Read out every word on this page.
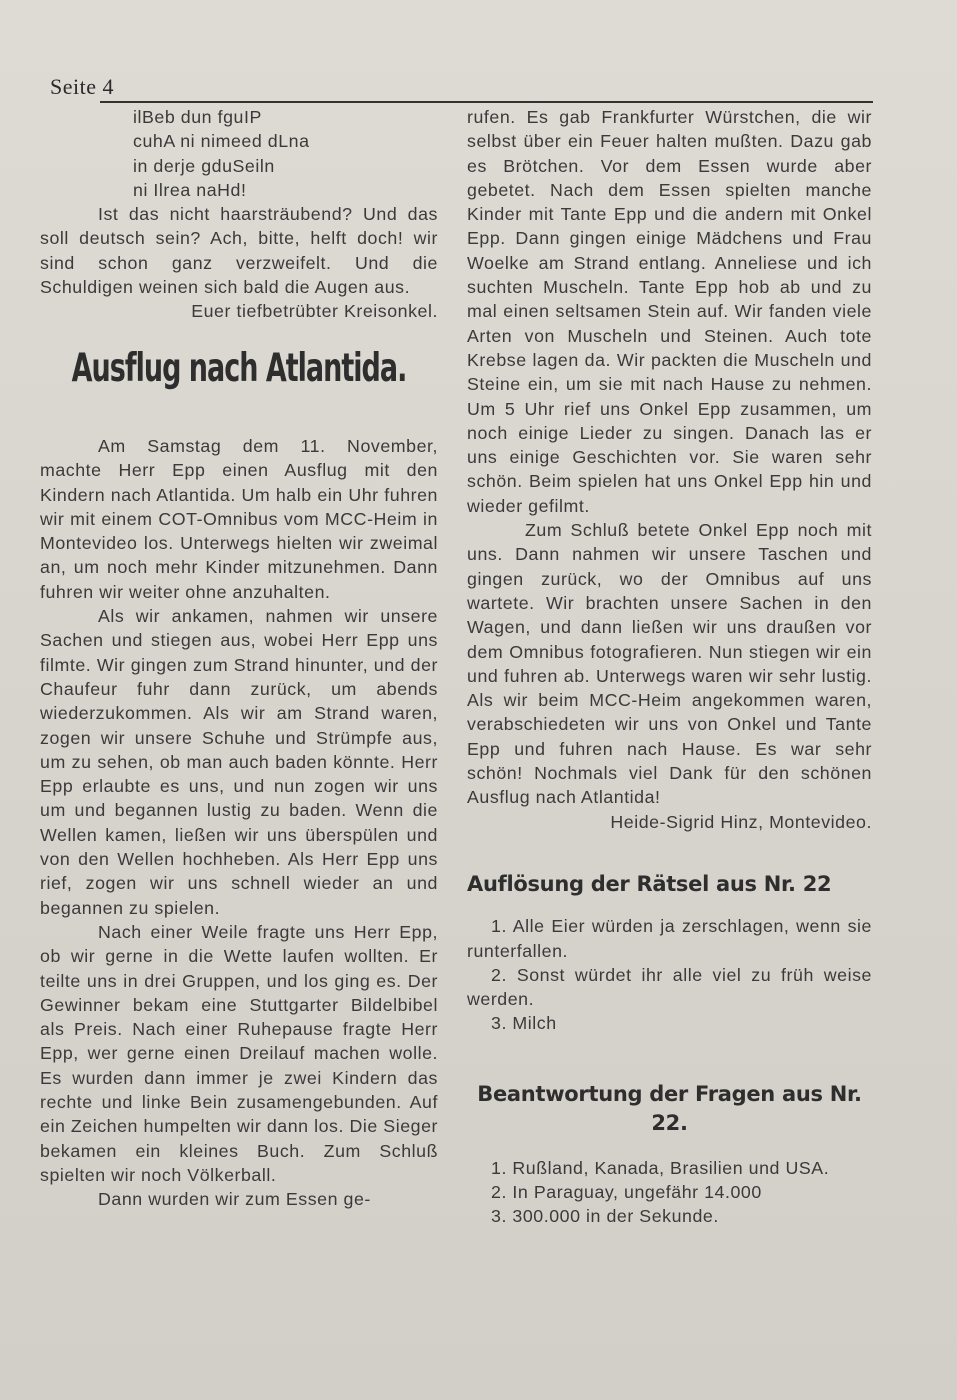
Seite 4
ilBeb dun fguIP
cuhA ni nimeed dLna
in derje gduSeiln
ni Ilrea naHd!

Ist das nicht haarsträubend? Und das soll deutsch sein? Ach, bitte, helft doch! wir sind schon ganz verzweifelt. Und die Schuldigen weinen sich bald die Augen aus.

Euer tiefbetrübter Kreisonkel.

Ausflug nach Atlantida.

Am Samstag dem 11. November, machte Herr Epp einen Ausflug mit den Kindern nach Atlantida. Um halb ein Uhr fuhren wir mit einem COT-Omnibus vom MCC-Heim in Montevideo los. Unterwegs hielten wir zweimal an, um noch mehr Kinder mitzunehmen. Dann fuhren wir weiter ohne anzuhalten.

Als wir ankamen, nahmen wir unsere Sachen und stiegen aus, wobei Herr Epp uns filmte. Wir gingen zum Strand hinunter, und der Chaufeur fuhr dann zurück, um abends wiederzukommen. Als wir am Strand waren, zogen wir unsere Schuhe und Strümpfe aus, um zu sehen, ob man auch baden könnte. Herr Epp erlaubte es uns, und nun zogen wir uns um und begannen lustig zu baden. Wenn die Wellen kamen, ließen wir uns überspülen und von den Wellen hochheben. Als Herr Epp uns rief, zogen wir uns schnell wieder an und begannen zu spielen.

Nach einer Weile fragte uns Herr Epp, ob wir gerne in die Wette laufen wollten. Er teilte uns in drei Gruppen, und los ging es. Der Gewinner bekam eine Stuttgarter Bildelbibel als Preis. Nach einer Ruhepause fragte Herr Epp, wer gerne einen Dreilauf machen wolle. Es wurden dann immer je zwei Kindern das rechte und linke Bein zusamengebunden. Auf ein Zeichen humpelten wir dann los. Die Sieger bekamen ein kleines Buch. Zum Schluß spielten wir noch Völkerball.

Dann wurden wir zum Essen ge-

rufen. Es gab Frankfurter Würstchen, die wir selbst über ein Feuer halten mußten. Dazu gab es Brötchen. Vor dem Essen wurde aber gebetet. Nach dem Essen spielten manche Kinder mit Tante Epp und die andern mit Onkel Epp. Dann gingen einige Mädchens und Frau Woelke am Strand entlang. Anneliese und ich suchten Muscheln. Tante Epp hob ab und zu mal einen seltsamen Stein auf. Wir fanden viele Arten von Muscheln und Steinen. Auch tote Krebse lagen da. Wir packten die Muscheln und Steine ein, um sie mit nach Hause zu nehmen. Um 5 Uhr rief uns Onkel Epp zusammen, um noch einige Lieder zu singen. Danach las er uns einige Geschichten vor. Sie waren sehr schön. Beim spielen hat uns Onkel Epp hin und wieder gefilmt.

Zum Schluß betete Onkel Epp noch mit uns. Dann nahmen wir unsere Taschen und gingen zurück, wo der Omnibus auf uns wartete. Wir brachten unsere Sachen in den Wagen, und dann ließen wir uns draußen vor dem Omnibus fotografieren. Nun stiegen wir ein und fuhren ab. Unterwegs waren wir sehr lustig. Als wir beim MCC-Heim angekommen waren, verabschiedeten wir uns von Onkel und Tante Epp und fuhren nach Hause. Es war sehr schön! Nochmals viel Dank für den schönen Ausflug nach Atlantida!

Heide-Sigrid Hinz, Montevideo.

Auflösung der Rätsel aus Nr. 22

1. Alle Eier würden ja zerschlagen, wenn sie runterfallen.

2. Sonst würdet ihr alle viel zu früh weise werden.

3. Milch

Beantwortung der Fragen aus Nr. 22.

1. Rußland, Kanada, Brasilien und USA.

2. In Paraguay, ungefähr 14.000

3. 300.000 in der Sekunde.
